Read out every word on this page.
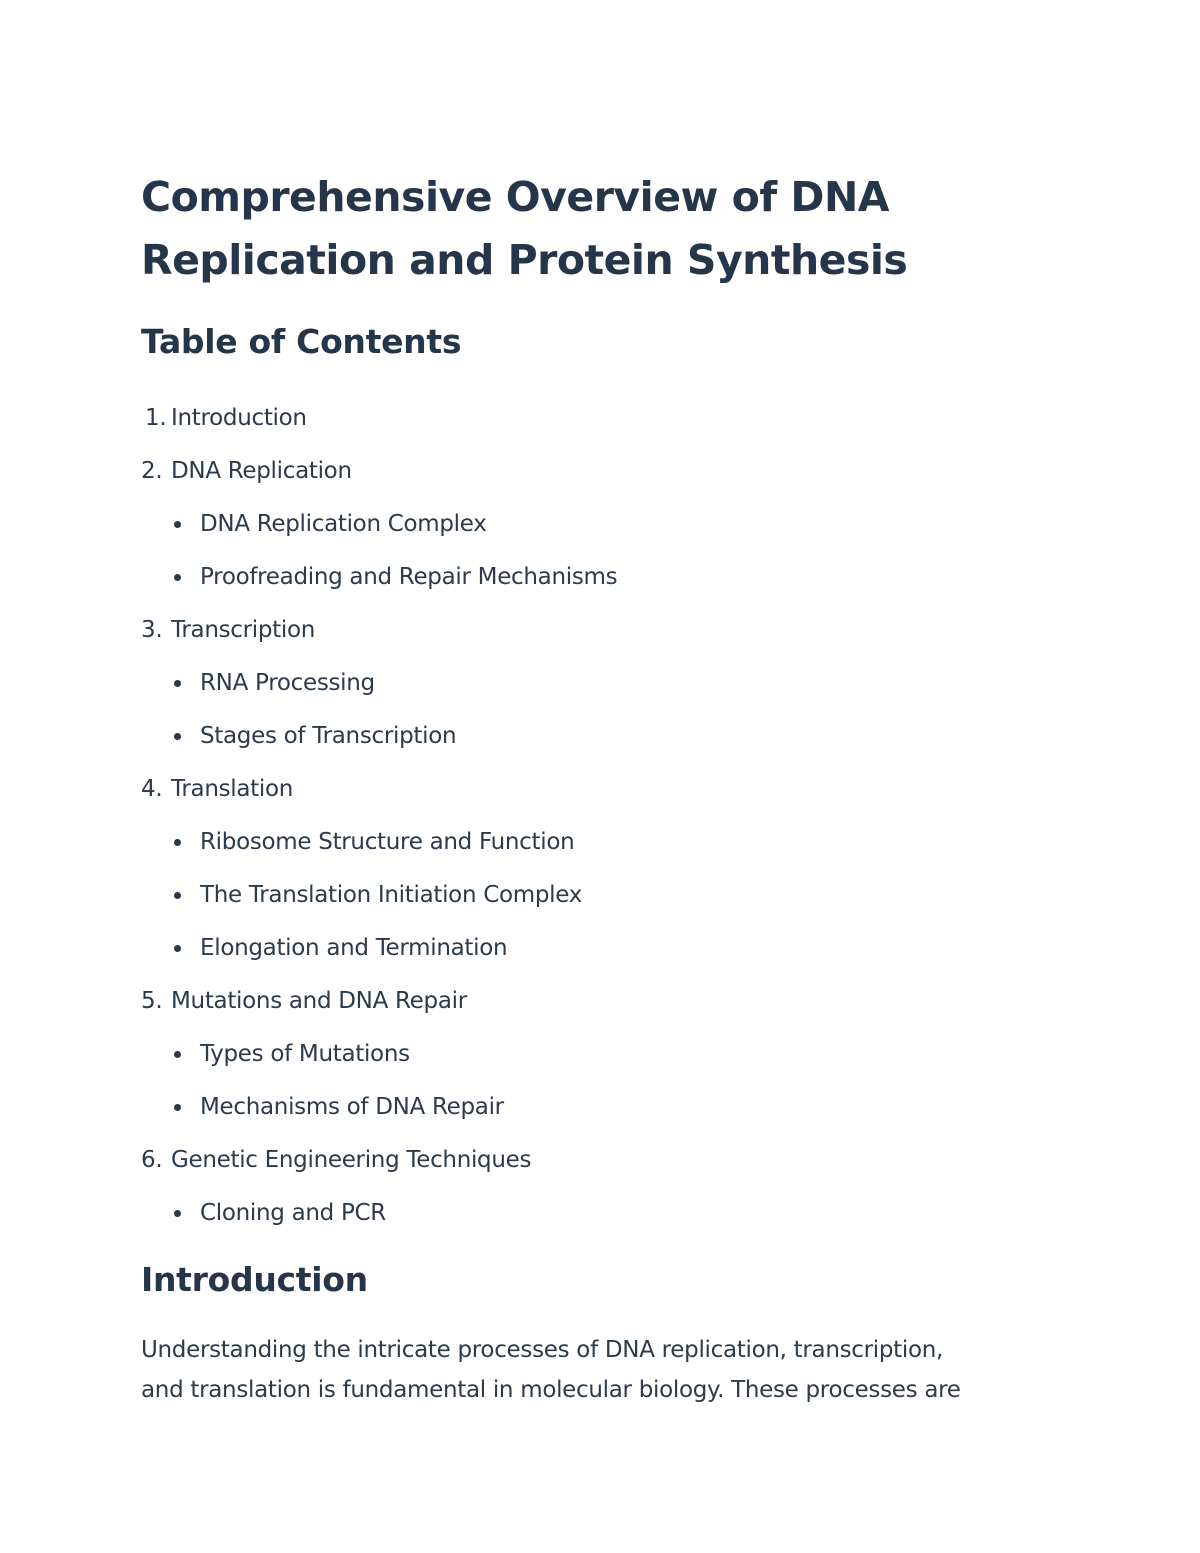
Comprehensive Overview of DNA
Replication and Protein Synthesis
Table of Contents
1. Introduction
2. DNA Replication
DNA Replication Complex
Proofreading and Repair Mechanisms
3. Transcription
RNA Processing
Stages of Transcription
4. Translation
Ribosome Structure and Function
The Translation Initiation Complex
Elongation and Termination
5. Mutations and DNA Repair
Types of Mutations
Mechanisms of DNA Repair
6. Genetic Engineering Techniques
Cloning and PCR
Introduction

Understanding the intricate processes of DNA replication, transcription,
and translation is fundamental in molecular biology. These processes are
